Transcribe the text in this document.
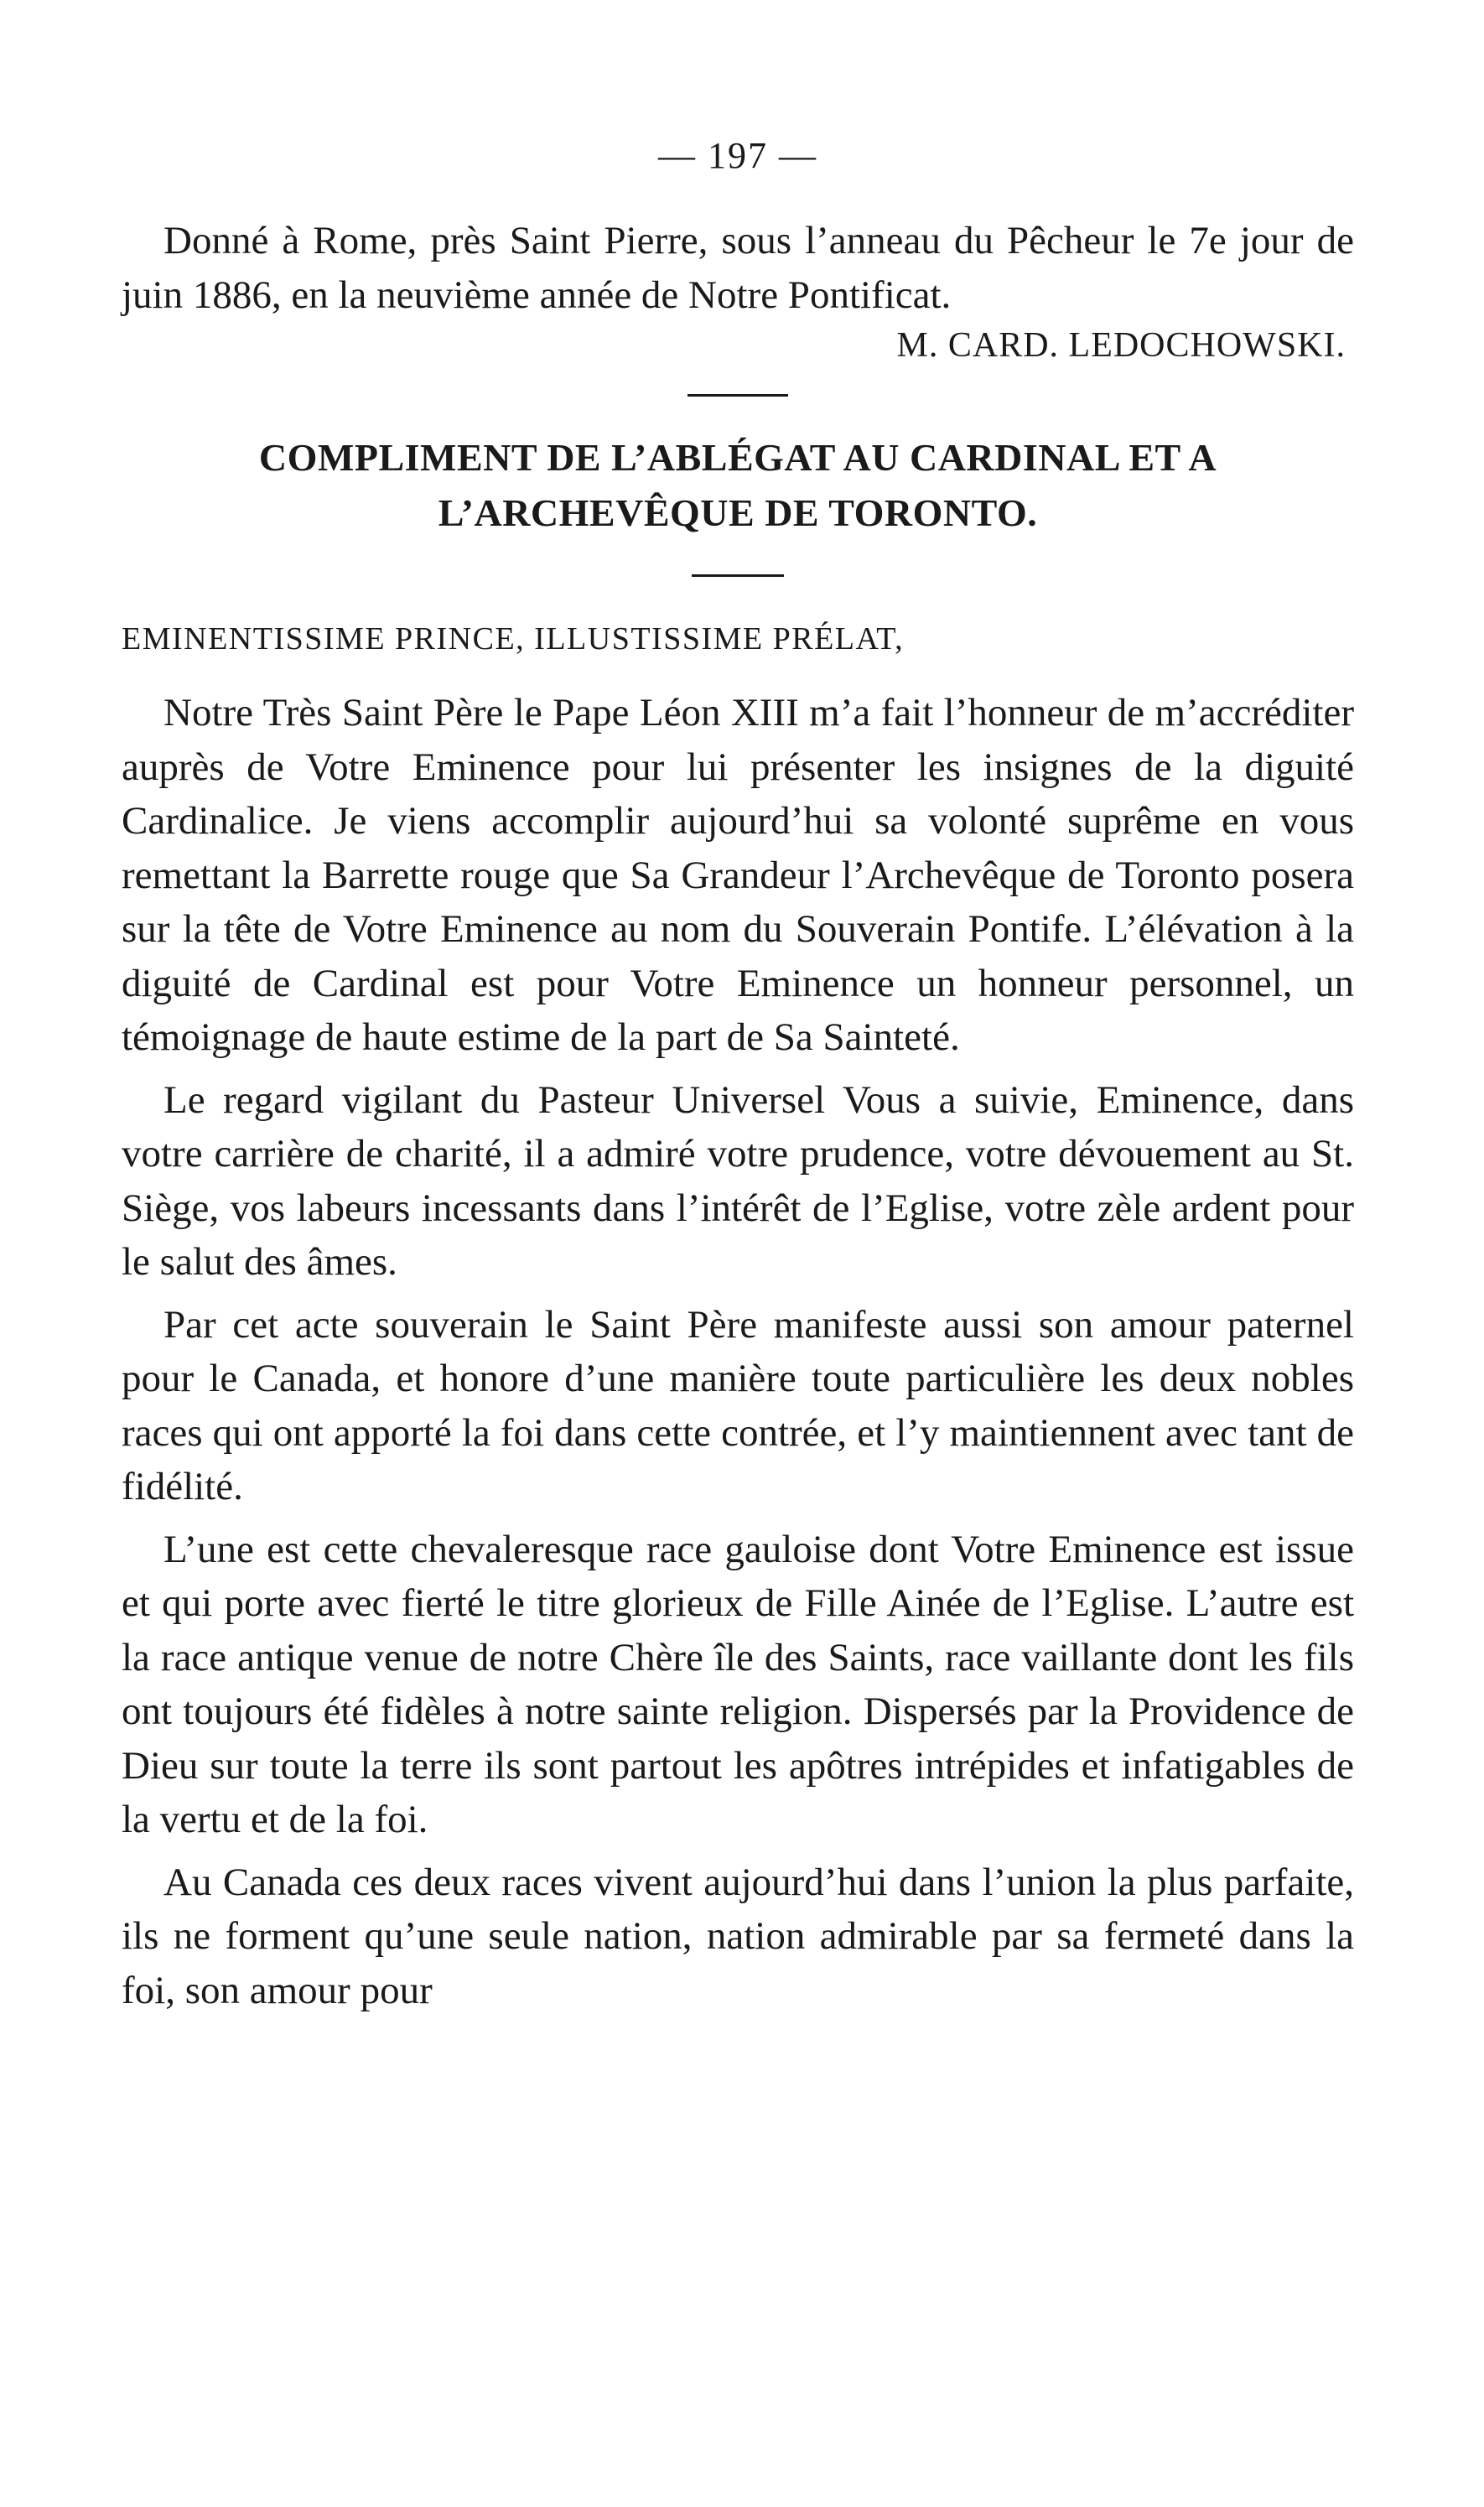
— 197 —

Donné à Rome, près Saint Pierre, sous l’anneau du Pêcheur le 7e jour de juin 1886, en la neuvième année de Notre Pontificat.

M. CARD. LEDOCHOWSKI.
COMPLIMENT DE L’ABLÉGAT AU CARDINAL ET A
L’ARCHEVÊQUE DE TORONTO.
EMINENTISSIME PRINCE, ILLUSTISSIME PRÉLAT,

Notre Très Saint Père le Pape Léon XIII m’a fait l’honneur de m’accréditer auprès de Votre Eminence pour lui présenter les insignes de la diguité Cardinalice. Je viens accomplir aujourd’hui sa volonté suprême en vous remettant la Barrette rouge que Sa Grandeur l’Archevêque de Toronto posera sur la tête de Votre Eminence au nom du Souverain Pontife. L’élévation à la diguité de Cardinal est pour Votre Eminence un honneur personnel, un témoignage de haute estime de la part de Sa Sainteté.

Le regard vigilant du Pasteur Universel Vous a suivie, Eminence, dans votre carrière de charité, il a admiré votre prudence, votre dévouement au St. Siège, vos labeurs incessants dans l’intérêt de l’Eglise, votre zèle ardent pour le salut des âmes.

Par cet acte souverain le Saint Père manifeste aussi son amour paternel pour le Canada, et honore d’une manière toute particulière les deux nobles races qui ont apporté la foi dans cette contrée, et l’y maintiennent avec tant de fidélité.

L’une est cette chevaleresque race gauloise dont Votre Eminence est issue et qui porte avec fierté le titre glorieux de Fille Ainée de l’Eglise. L’autre est la race antique venue de notre Chère île des Saints, race vaillante dont les fils ont toujours été fidèles à notre sainte religion. Dispersés par la Providence de Dieu sur toute la terre ils sont partout les apôtres intrépides et infatigables de la vertu et de la foi.

Au Canada ces deux races vivent aujourd’hui dans l’union la plus parfaite, ils ne forment qu’une seule nation, nation admirable par sa fermeté dans la foi, son amour pour
